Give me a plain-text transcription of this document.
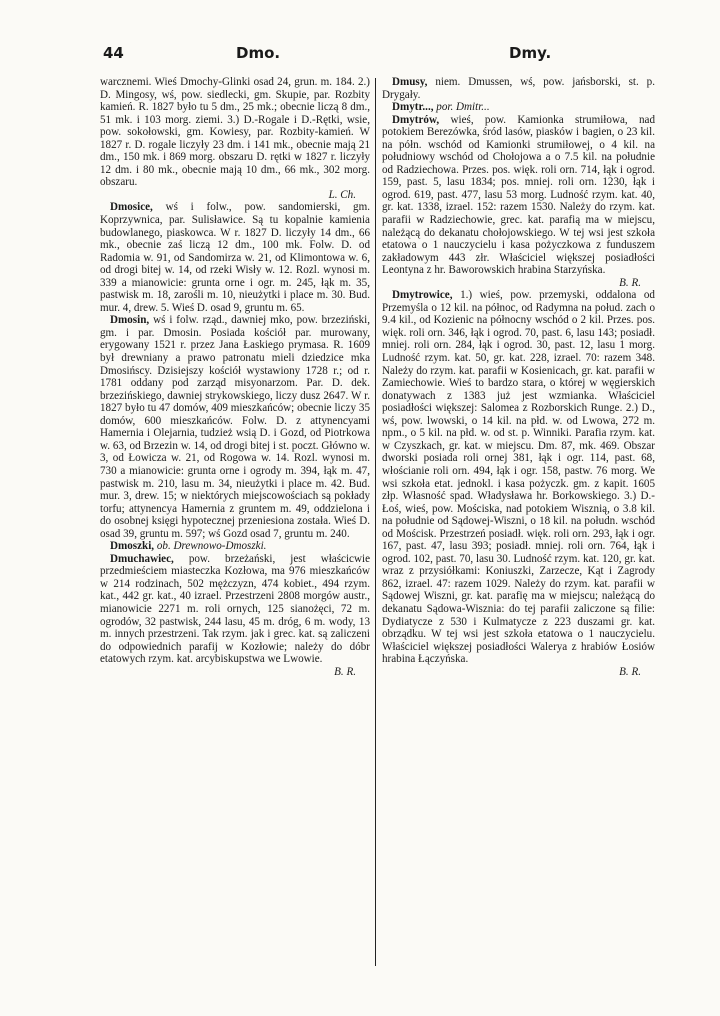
44	Dmo.	Dmy.

warcznemi. Wieś Dmochy-Glinki osad 24, grun. m. 184. 2.) D. Mingosy, wś, pow. siedlecki, gm. Skupie, par. Rozbity kamień. R. 1827 było tu 5 dm., 25 mk.; obecnie liczą 8 dm., 51 mk. i 103 morg. ziemi. 3.) D.-Rogale i D.-Rętki, wsie, pow. sokołowski, gm. Kowiesy, par. Rozbity-kamień. W 1827 r. D. rogale liczyły 23 dm. i 141 mk., obecnie mają 21 dm., 150 mk. i 869 morg. obszaru D. rętki w 1827 r. liczyły 12 dm. i 80 mk., obecnie mają 10 dm., 66 mk., 302 morg. obszaru.

L. Ch.

Dmosice, wś i folw., pow. sandomierski, gm. Koprzywnica, par. Sulisławice. Są tu kopalnie kamienia budowlanego, piaskowca. W r. 1827 D. liczyły 14 dm., 66 mk., obecnie zaś liczą 12 dm., 100 mk. Folw. D. od Radomia w. 91, od Sandomirza w. 21, od Klimontowa w. 6, od drogi bitej w. 14, od rzeki Wisły w. 12. Rozl. wynosi m. 339 a mianowicie: grunta orne i ogr. m. 245, łąk m. 35, pastwisk m. 18, zarośli m. 10, nieużytki i place m. 30. Bud. mur. 4, drew. 5. Wieś D. osad 9, gruntu m. 65.

Dmosin, wś i folw. rząd., dawniej mko, pow. brzeziński, gm. i par. Dmosin. Posiada kościół par. murowany, erygowany 1521 r. przez Jana Łaskiego prymasa. R. 1609 był drewniany a prawo patronatu mieli dziedzice mka Dmosińscy. Dzisiejszy kościół wystawiony 1728 r.; od r. 1781 oddany pod zarząd misyonarzom. Par. D. dek. brzezińskiego, dawniej strykowskiego, liczy dusz 2647. W r. 1827 było tu 47 domów, 409 mieszkańców; obecnie liczy 35 domów, 600 mieszkańców. Folw. D. z attynencyami Hamernia i Olejarnia, tudzież wsią D. i Gozd, od Piotrkowa w. 63, od Brzezin w. 14, od drogi bitej i st. poczt. Główno w. 3, od Łowicza w. 21, od Rogowa w. 14. Rozl. wynosi m. 730 a mianowicie: grunta orne i ogrody m. 394, łąk m. 47, pastwisk m. 210, lasu m. 34, nieużytki i place m. 42. Bud. mur. 3, drew. 15; w niektórych miejscowościach są pokłady torfu; attynencya Hamernia z gruntem m. 49, oddzielona i do osobnej księgi hypotecznej przeniesiona została. Wieś D. osad 39, gruntu m. 597; wś Gozd osad 7, gruntu m. 240.

Dmoszki, ob. Drewnowo-Dmoszki.

Dmuchawiec, pow. brzeżański, jest właścicwie przedmieściem miasteczka Kozłowa, ma 976 mieszkańców w 214 rodzinach, 502 mężczyzn, 474 kobiet., 494 rzym. kat., 442 gr. kat., 40 izrael. Przestrzeni 2808 morgów austr., mianowicie 2271 m. roli ornych, 125 sianożęci, 72 m. ogrodów, 32 pastwisk, 244 lasu, 45 m. dróg, 6 m. wody, 13 m. innych przestrzeni. Tak rzym. jak i grec. kat. są zaliczeni do odpowiednich parafij w Kozłowie; należy do dóbr etatowych rzym. kat. arcybiskupstwa we Lwowie.

B. R.

Dmusy, niem. Dmussen, wś, pow. jańsborski, st. p. Drygały.

Dmytr..., por. Dmitr...

Dmytrów, wieś, pow. Kamionka strumiłowa, nad potokiem Berezówka, śród lasów, piasków i bagien, o 23 kil. na półn. wschód od Kamionki strumiłowej, o 4 kil. na południowy wschód od Chołojowa a o 7.5 kil. na południe od Radziechowa. Przes. pos. więk. roli orn. 714, łąk i ogrod. 159, past. 5, lasu 1834; pos. mniej. roli orn. 1230, łąk i ogrod. 619, past. 477, lasu 53 morg. Ludność rzym. kat. 40, gr. kat. 1338, izrael. 152: razem 1530. Należy do rzym. kat. parafii w Radziechowie, grec. kat. parafią ma w miejscu, należącą do dekanatu chołojowskiego. W tej wsi jest szkoła etatowa o 1 nauczycielu i kasa pożyczkowa z funduszem zakładowym 443 złr. Właściciel większej posiadłości Leontyna z hr. Baworowskich hrabina Starzyńska.

B. R.

Dmytrowice, 1.) wieś, pow. przemyski, oddalona od Przemyśla o 12 kil. na północ, od Radymna na połud. zach o 9.4 kil., od Kozienic na północny wschód o 2 kil. Przes. pos. więk. roli orn. 346, łąk i ogrod. 70, past. 6, lasu 143; posiadł. mniej. roli orn. 284, łąk i ogrod. 30, past. 12, lasu 1 morg. Ludność rzym. kat. 50, gr. kat. 228, izrael. 70: razem 348. Należy do rzym. kat. parafii w Kosienicach, gr. kat. parafii w Zamiechowie. Wieś to bardzo stara, o której w węgierskich donatywach z 1383 już jest wzmianka. Właściciel posiadłości większej: Salomea z Rozborskich Runge. 2.) D., wś, pow. lwowski, o 14 kil. na płd. w. od Lwowa, 272 m. npm., o 5 kil. na płd. w. od st. p. Winniki. Parafia rzym. kat. w Czyszkach, gr. kat. w miejscu. Dm. 87, mk. 469. Obszar dworski posiada roli ornej 381, łąk i ogr. 114, past. 68, włościanie roli orn. 494, łąk i ogr. 158, pastw. 76 morg. We wsi szkoła etat. jednokl. i kasa pożyczk. gm. z kapit. 1605 złp. Własność spad. Władysława hr. Borkowskiego. 3.) D.-Łoś, wieś, pow. Mościska, nad potokiem Wisznią, o 3.8 kil. na południe od Sądowej-Wiszni, o 18 kil. na połudn. wschód od Mościsk. Przestrzeń posiadł. więk. roli orn. 293, łąk i ogr. 167, past. 47, lasu 393; posiadł. mniej. roli orn. 764, łąk i ogrod. 102, past. 70, lasu 30. Ludność rzym. kat. 120, gr. kat. wraz z przysiółkami: Koniuszki, Zarzecze, Kąt i Zagrody 862, izrael. 47: razem 1029. Należy do rzym. kat. parafii w Sądowej Wiszni, gr. kat. parafię ma w miejscu; należącą do dekanatu Sądowa-Wisznia: do tej parafii zaliczone są filie: Dydiatycze z 530 i Kulmatycze z 223 duszami gr. kat. obrządku. W tej wsi jest szkoła etatowa o 1 nauczycielu. Właściciel większej posiadłości Walerya z hrabiów Łosiów hrabina Łączyńska.

B. R.
